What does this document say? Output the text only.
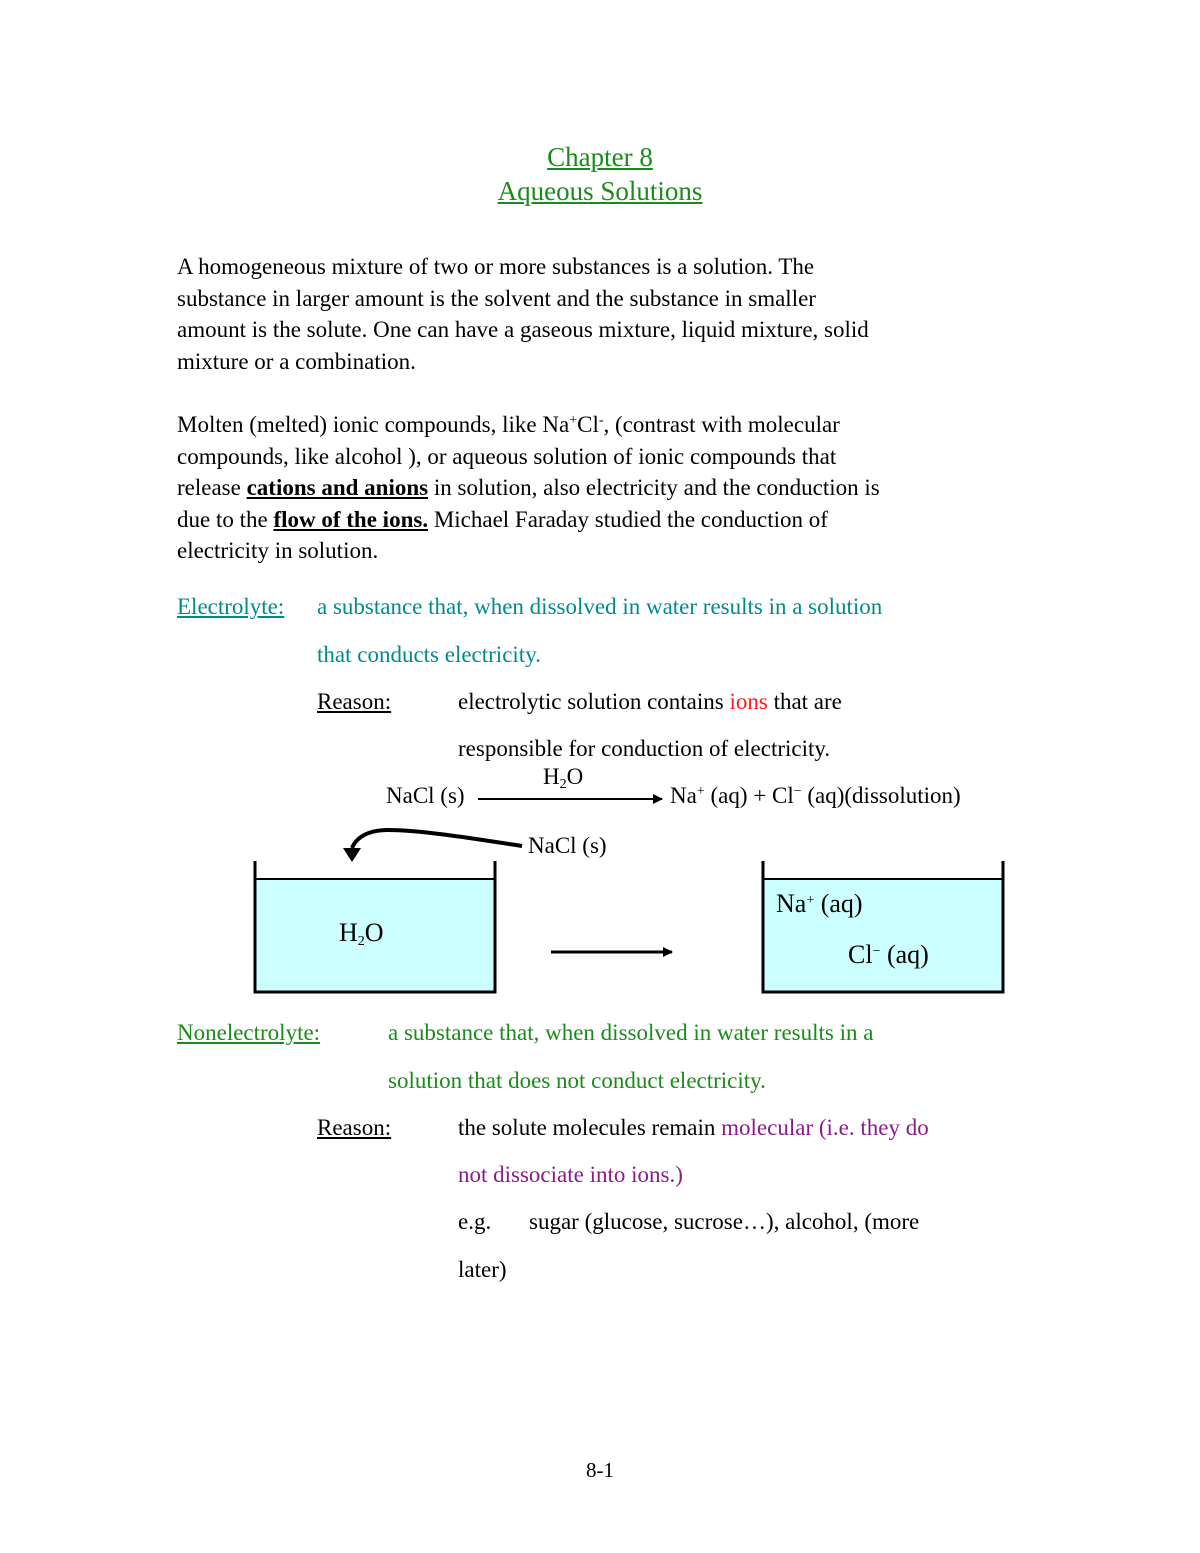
Chapter 8
Aqueous Solutions

A homogeneous mixture of two or more substances is a solution. The

substance in larger amount is the solvent and the substance in smaller

amount is the solute. One can have a gaseous mixture, liquid mixture, solid

mixture or a combination.

Molten (melted) ionic compounds, like Na+Cl-, (contrast with molecular

compounds, like alcohol ), or aqueous solution of ionic compounds that

release cations and anions in solution, also electricity and the conduction is

due to the flow of the ions. Michael Faraday studied the conduction of

electricity in solution.

Electrolyte: a substance that, when dissolved in water results in a solution
that conducts electricity.
Reason:	electrolytic solution contains ions that are
responsible for conduction of electricity.
NaCl (s)
$H_2O$
Na+ (aq) + Cl− (aq)(dissolution)
NaCl (s)
$H_2O$
Na+ (aq)
Cl− (aq)
Nonelectrolyte:	a substance that, when dissolved in water results in a
solution that does not conduct electricity.
Reason:	the solute molecules remain molecular (i.e. they do
not dissociate into ions.)
e.g. sugar (glucose, sucrose…), alcohol, (more
later)
8-1
